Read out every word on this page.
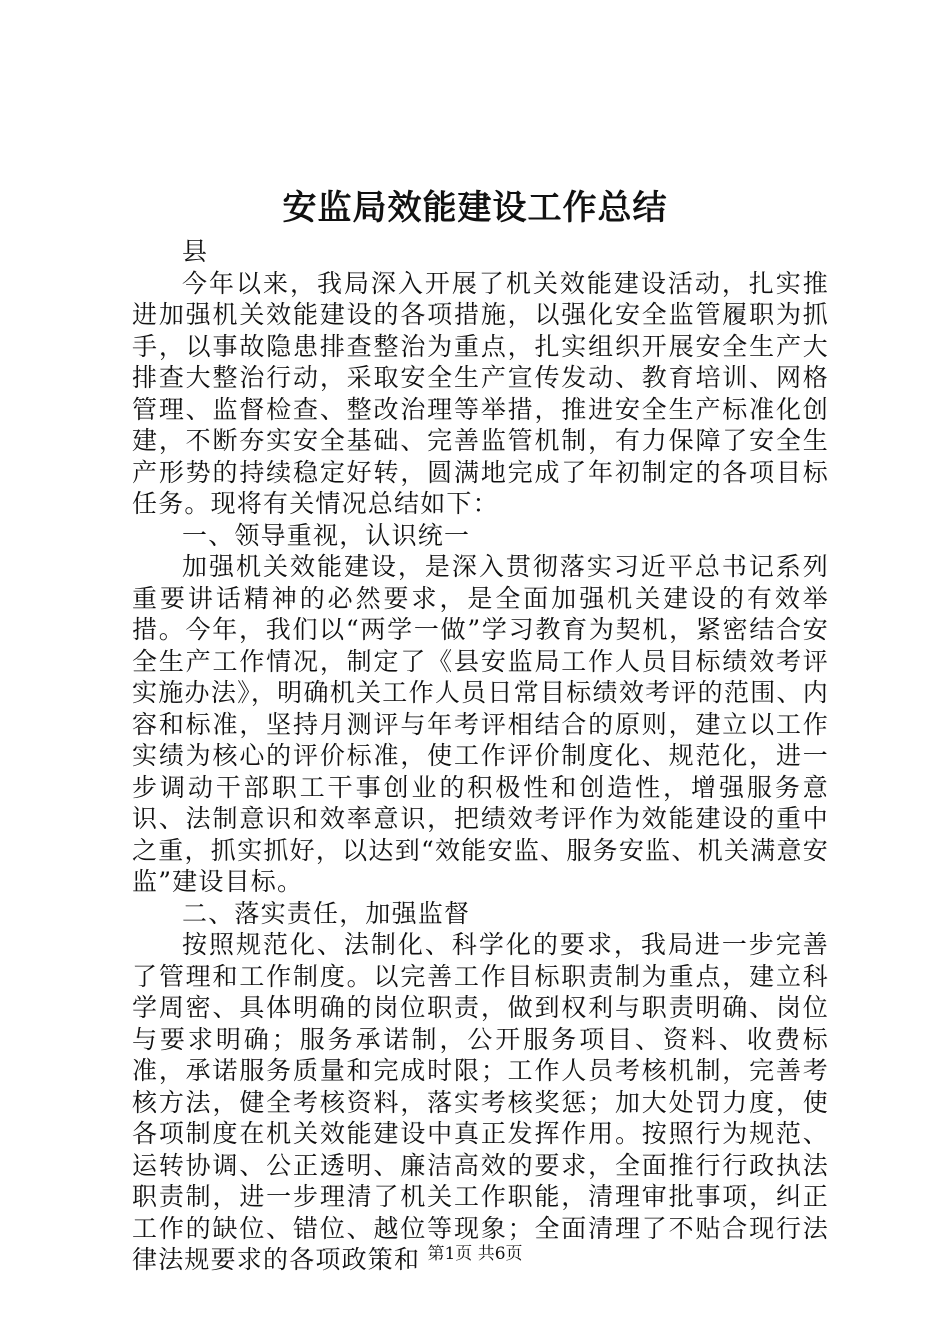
安监局效能建设工作总结

县

今年以来，我局深入开展了机关效能建设活动，扎实推进加强机关效能建设的各项措施，以强化安全监管履职为抓手，以事故隐患排查整治为重点，扎实组织开展安全生产大排查大整治行动，采取安全生产宣传发动、教育培训、网格管理、监督检查、整改治理等举措，推进安全生产标准化创建，不断夯实安全基础、完善监管机制，有力保障了安全生产形势的持续稳定好转，圆满地完成了年初制定的各项目标任务。现将有关情况总结如下：

一、领导重视，认识统一

加强机关效能建设，是深入贯彻落实习近平总书记系列重要讲话精神的必然要求，是全面加强机关建设的有效举措。今年，我们以“两学一做”学习教育为契机，紧密结合安全生产工作情况，制定了《县安监局工作人员目标绩效考评实施办法》，明确机关工作人员日常目标绩效考评的范围、内容和标准，坚持月测评与年考评相结合的原则，建立以工作实绩为核心的评价标准，使工作评价制度化、规范化，进一步调动干部职工干事创业的积极性和创造性，增强服务意识、法制意识和效率意识，把绩效考评作为效能建设的重中之重，抓实抓好，以达到“效能安监、服务安监、机关满意安监”建设目标。

二、落实责任，加强监督

按照规范化、法制化、科学化的要求，我局进一步完善了管理和工作制度。以完善工作目标职责制为重点，建立科学周密、具体明确的岗位职责，做到权利与职责明确、岗位与要求明确；服务承诺制，公开服务项目、资料、收费标准，承诺服务质量和完成时限；工作人员考核机制，完善考核方法，健全考核资料，落实考核奖惩；加大处罚力度，使各项制度在机关效能建设中真正发挥作用。按照行为规范、运转协调、公正透明、廉洁高效的要求，全面推行行政执法职责制，进一步理清了机关工作职能，清理审批事项，纠正工作的缺位、错位、越位等现象；全面清理了不贴合现行法律法规要求的各项政策和 第1页 共6页
